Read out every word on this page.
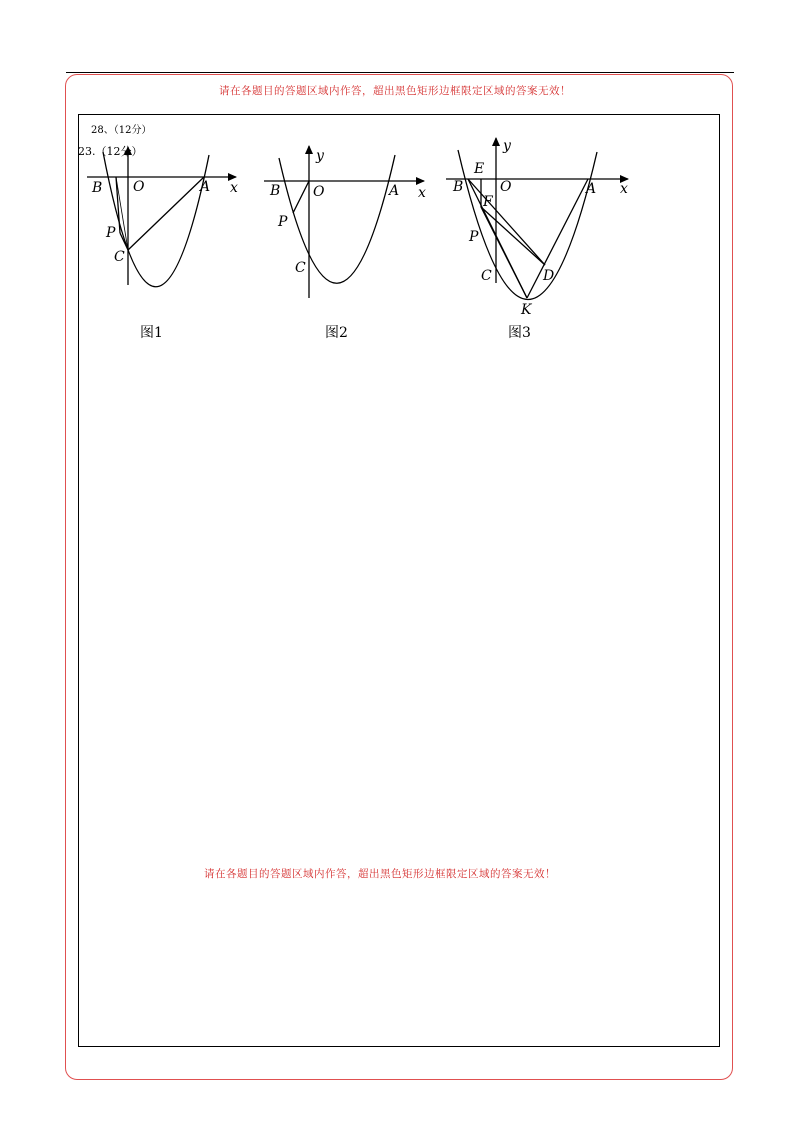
请在各题目的答题区域内作答，超出黑色矩形边框限定区域的答案无效！
28、（12分）
23.（12分）
B O	A x
P
C
y
B O	A x
P
C
y
E
B	O	A x
F
P
C	D
K
图1	图2	图3
请在各题目的答题区域内作答，超出黑色矩形边框限定区域的答案无效！
